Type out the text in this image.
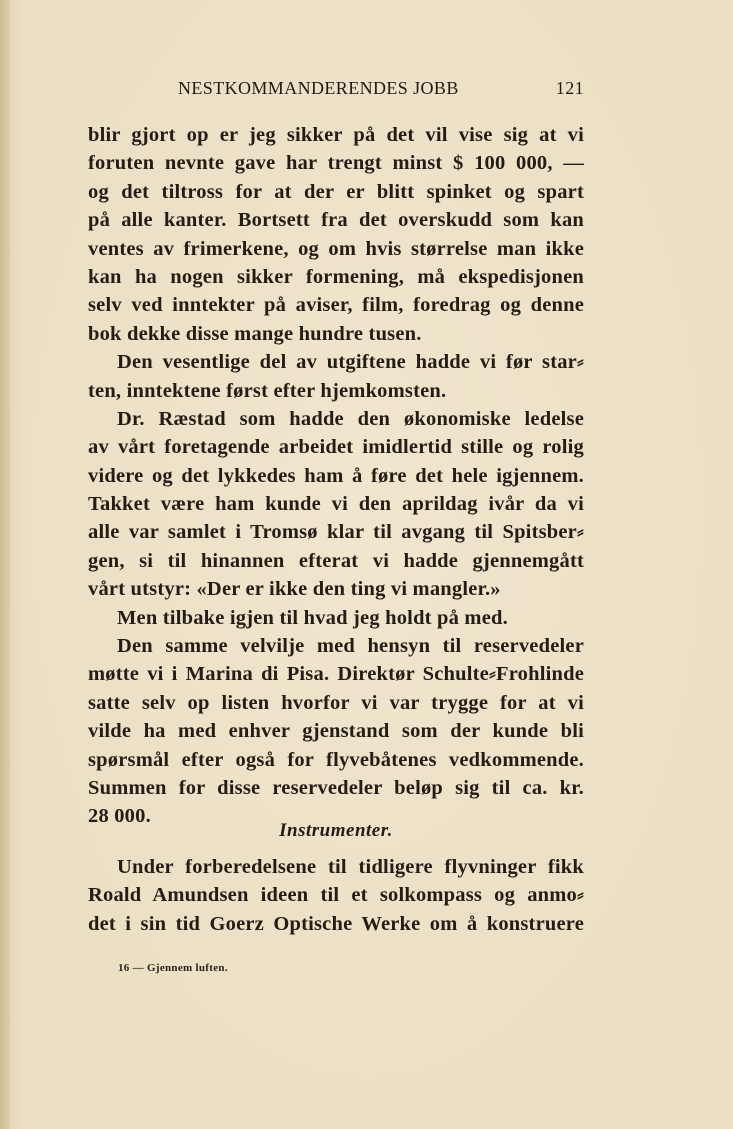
NESTKOMMANDERENDES JOBB	121
blir gjort op er jeg sikker på det vil vise sig at vi
foruten nevnte gave har trengt minst $ 100 000, —
og det tiltross for at der er blitt spinket og spart
på alle kanter. Bortsett fra det overskudd som kan
ventes av frimerkene, og om hvis størrelse man ikke
kan ha nogen sikker formening, må ekspedisjonen
selv ved inntekter på aviser, film, foredrag og denne
bok dekke disse mange hundre tusen.
Den vesentlige del av utgiftene hadde vi før star⸗
ten, inntektene først efter hjemkomsten.
Dr. Ræstad som hadde den økonomiske ledelse
av vårt foretagende arbeidet imidlertid stille og rolig
videre og det lykkedes ham å føre det hele igjennem.
Takket være ham kunde vi den aprildag ivår da vi
alle var samlet i Tromsø klar til avgang til Spitsber⸗
gen, si til hinannen efterat vi hadde gjennemgått
vårt utstyr: «Der er ikke den ting vi mangler.»
Men tilbake igjen til hvad jeg holdt på med.
Den samme velvilje med hensyn til reservedeler
møtte vi i Marina di Pisa. Direktør Schulte⸗Frohlinde
satte selv op listen hvorfor vi var trygge for at vi
vilde ha med enhver gjenstand som der kunde bli
spørsmål efter også for flyvebåtenes vedkommende.
Summen for disse reservedeler beløp sig til ca. kr.
28 000.
Instrumenter.
Under forberedelsene til tidligere flyvninger fikk
Roald Amundsen ideen til et solkompass og anmo⸗
det i sin tid Goerz Optische Werke om å konstruere
16 — Gjennem luften.
